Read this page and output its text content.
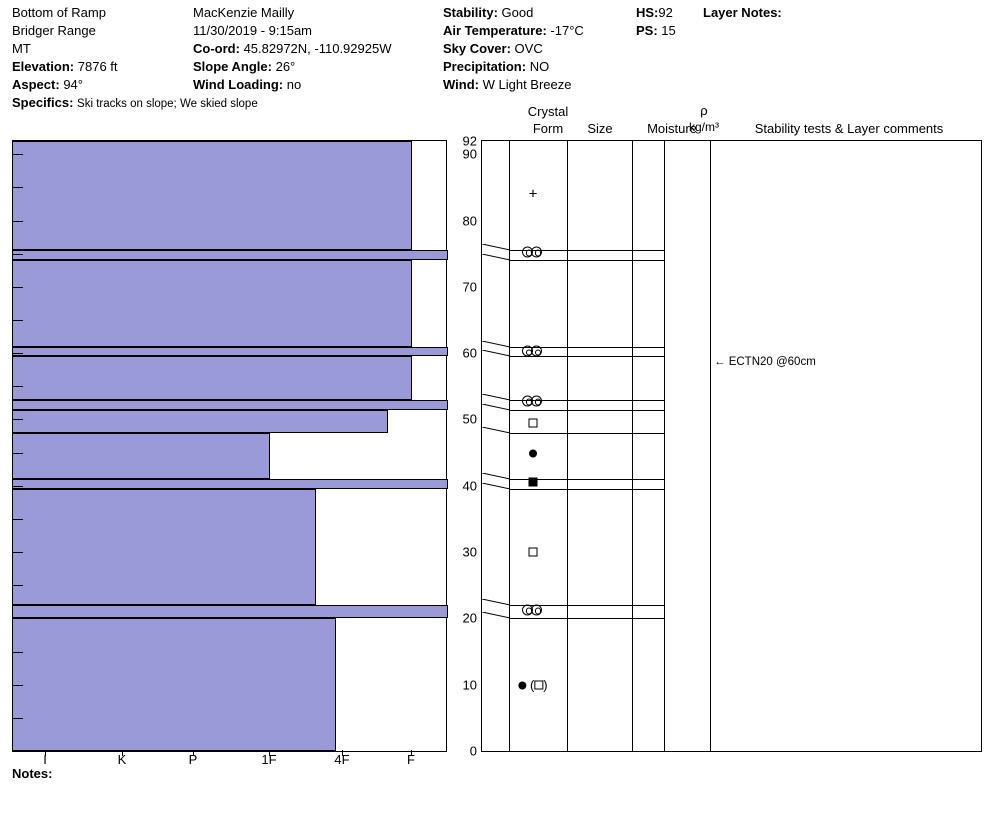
Bottom of Ramp
Bridger Range
MT
Elevation: 7876 ft
Aspect: 94°
MacKenzie Mailly
11/30/2019 - 9:15am
Co-ord: 45.82972N, -110.92925W
Slope Angle: 26°
Wind Loading: no
Stability: Good
Air Temperature: -17°C
Sky Cover: OVC
Precipitation: NO
Wind: W Light Breeze
HS:92
PS: 15
Layer Notes:
Specifics: Ski tracks on slope; We skied slope	Crystal
Form	Size	Moisture
ρ
kg/m³	Stability tests & Layer comments
I	K	P	1F	4F	F
0
10
20
30
40
50
60
70
80
90
92
+
( )
← ECTN20 @60cm
Notes:
